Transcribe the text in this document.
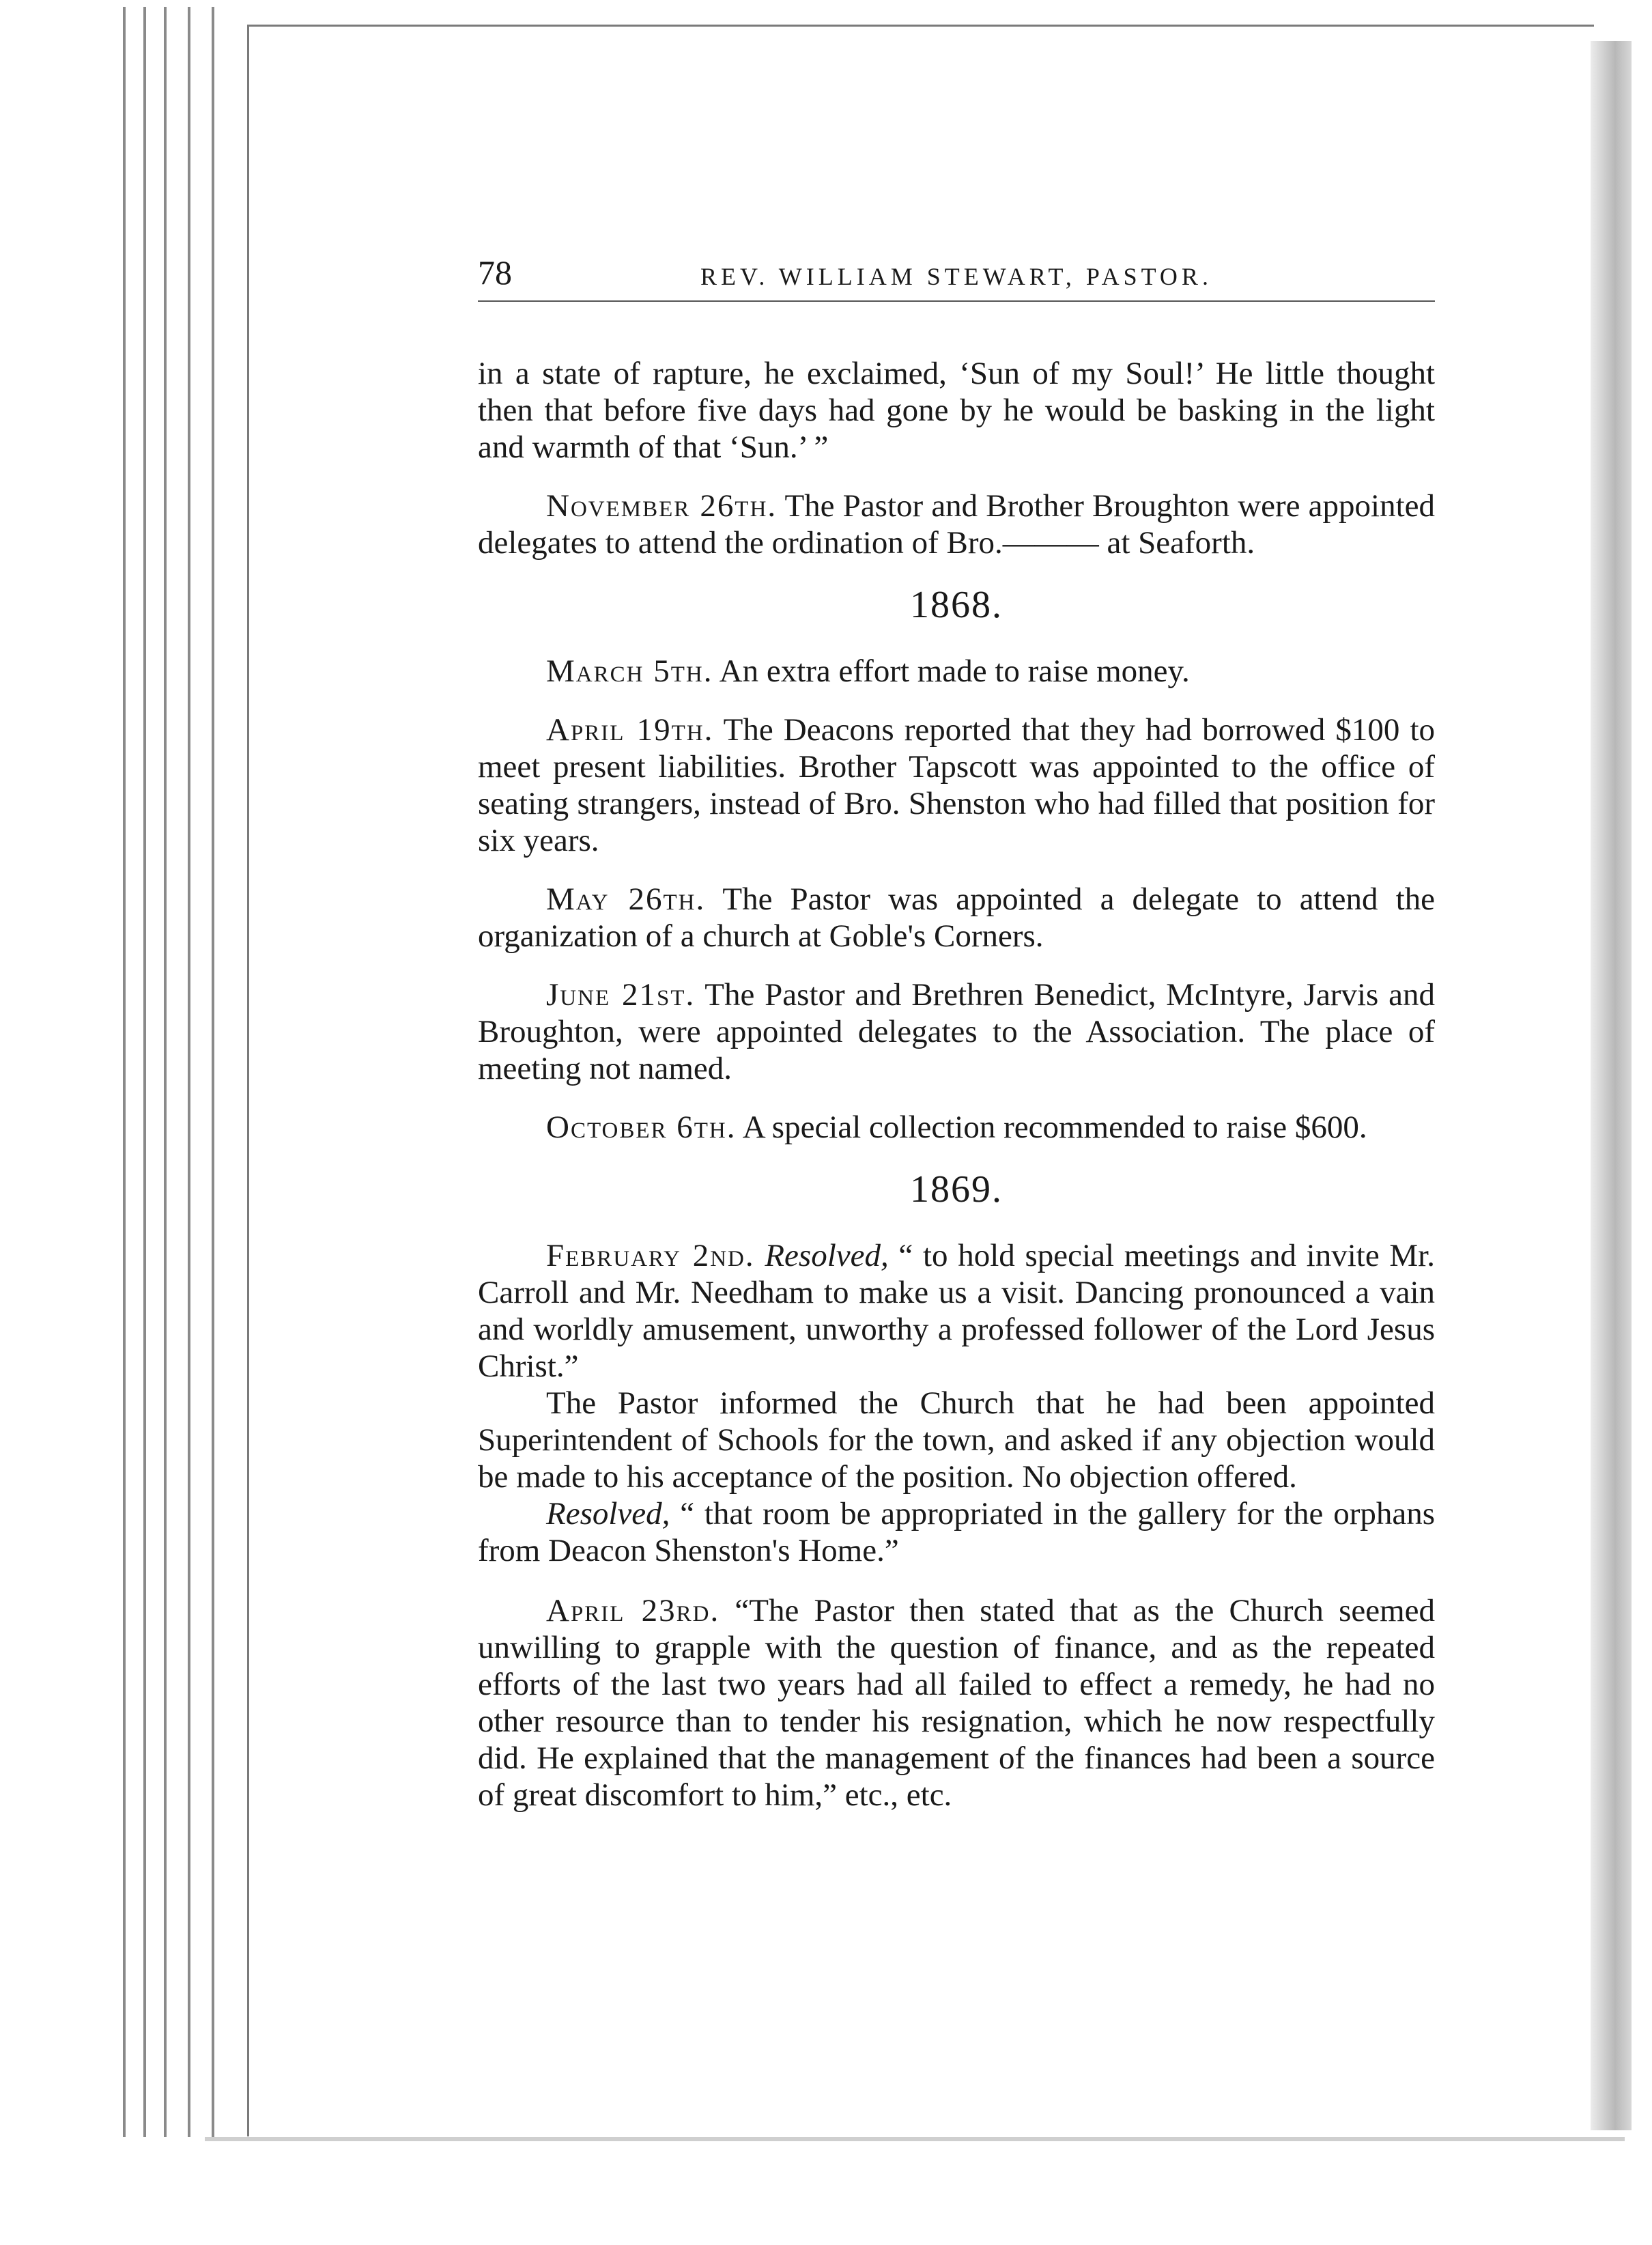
78	REV. WILLIAM STEWART, PASTOR.

in a state of rapture, he exclaimed, ‘Sun of my Soul!’ He little thought then that before five days had gone by he would be basking in the light and warmth of that ‘Sun.’ ”

November 26th. The Pastor and Brother Broughton were appointed delegates to attend the ordination of Bro.——— at Seaforth.

1868.

March 5th. An extra effort made to raise money.

April 19th. The Deacons reported that they had borrowed $100 to meet present liabilities. Brother Tapscott was appointed to the office of seating strangers, instead of Bro. Shenston who had filled that position for six years.

May 26th. The Pastor was appointed a delegate to attend the organization of a church at Goble's Corners.

June 21st. The Pastor and Brethren Benedict, McIntyre, Jarvis and Broughton, were appointed delegates to the Association. The place of meeting not named.

October 6th. A special collection recommended to raise $600.

1869.

February 2nd. Resolved, “ to hold special meetings and invite Mr. Carroll and Mr. Needham to make us a visit. Dancing pronounced a vain and worldly amusement, unworthy a professed follower of the Lord Jesus Christ.”

The Pastor informed the Church that he had been appointed Superintendent of Schools for the town, and asked if any objection would be made to his acceptance of the position. No objection offered.

Resolved, “ that room be appropriated in the gallery for the orphans from Deacon Shenston's Home.”

April 23rd. “The Pastor then stated that as the Church seemed unwilling to grapple with the question of finance, and as the repeated efforts of the last two years had all failed to effect a remedy, he had no other resource than to tender his resignation, which he now respectfully did. He explained that the management of the finances had been a source of great discomfort to him,” etc., etc.
